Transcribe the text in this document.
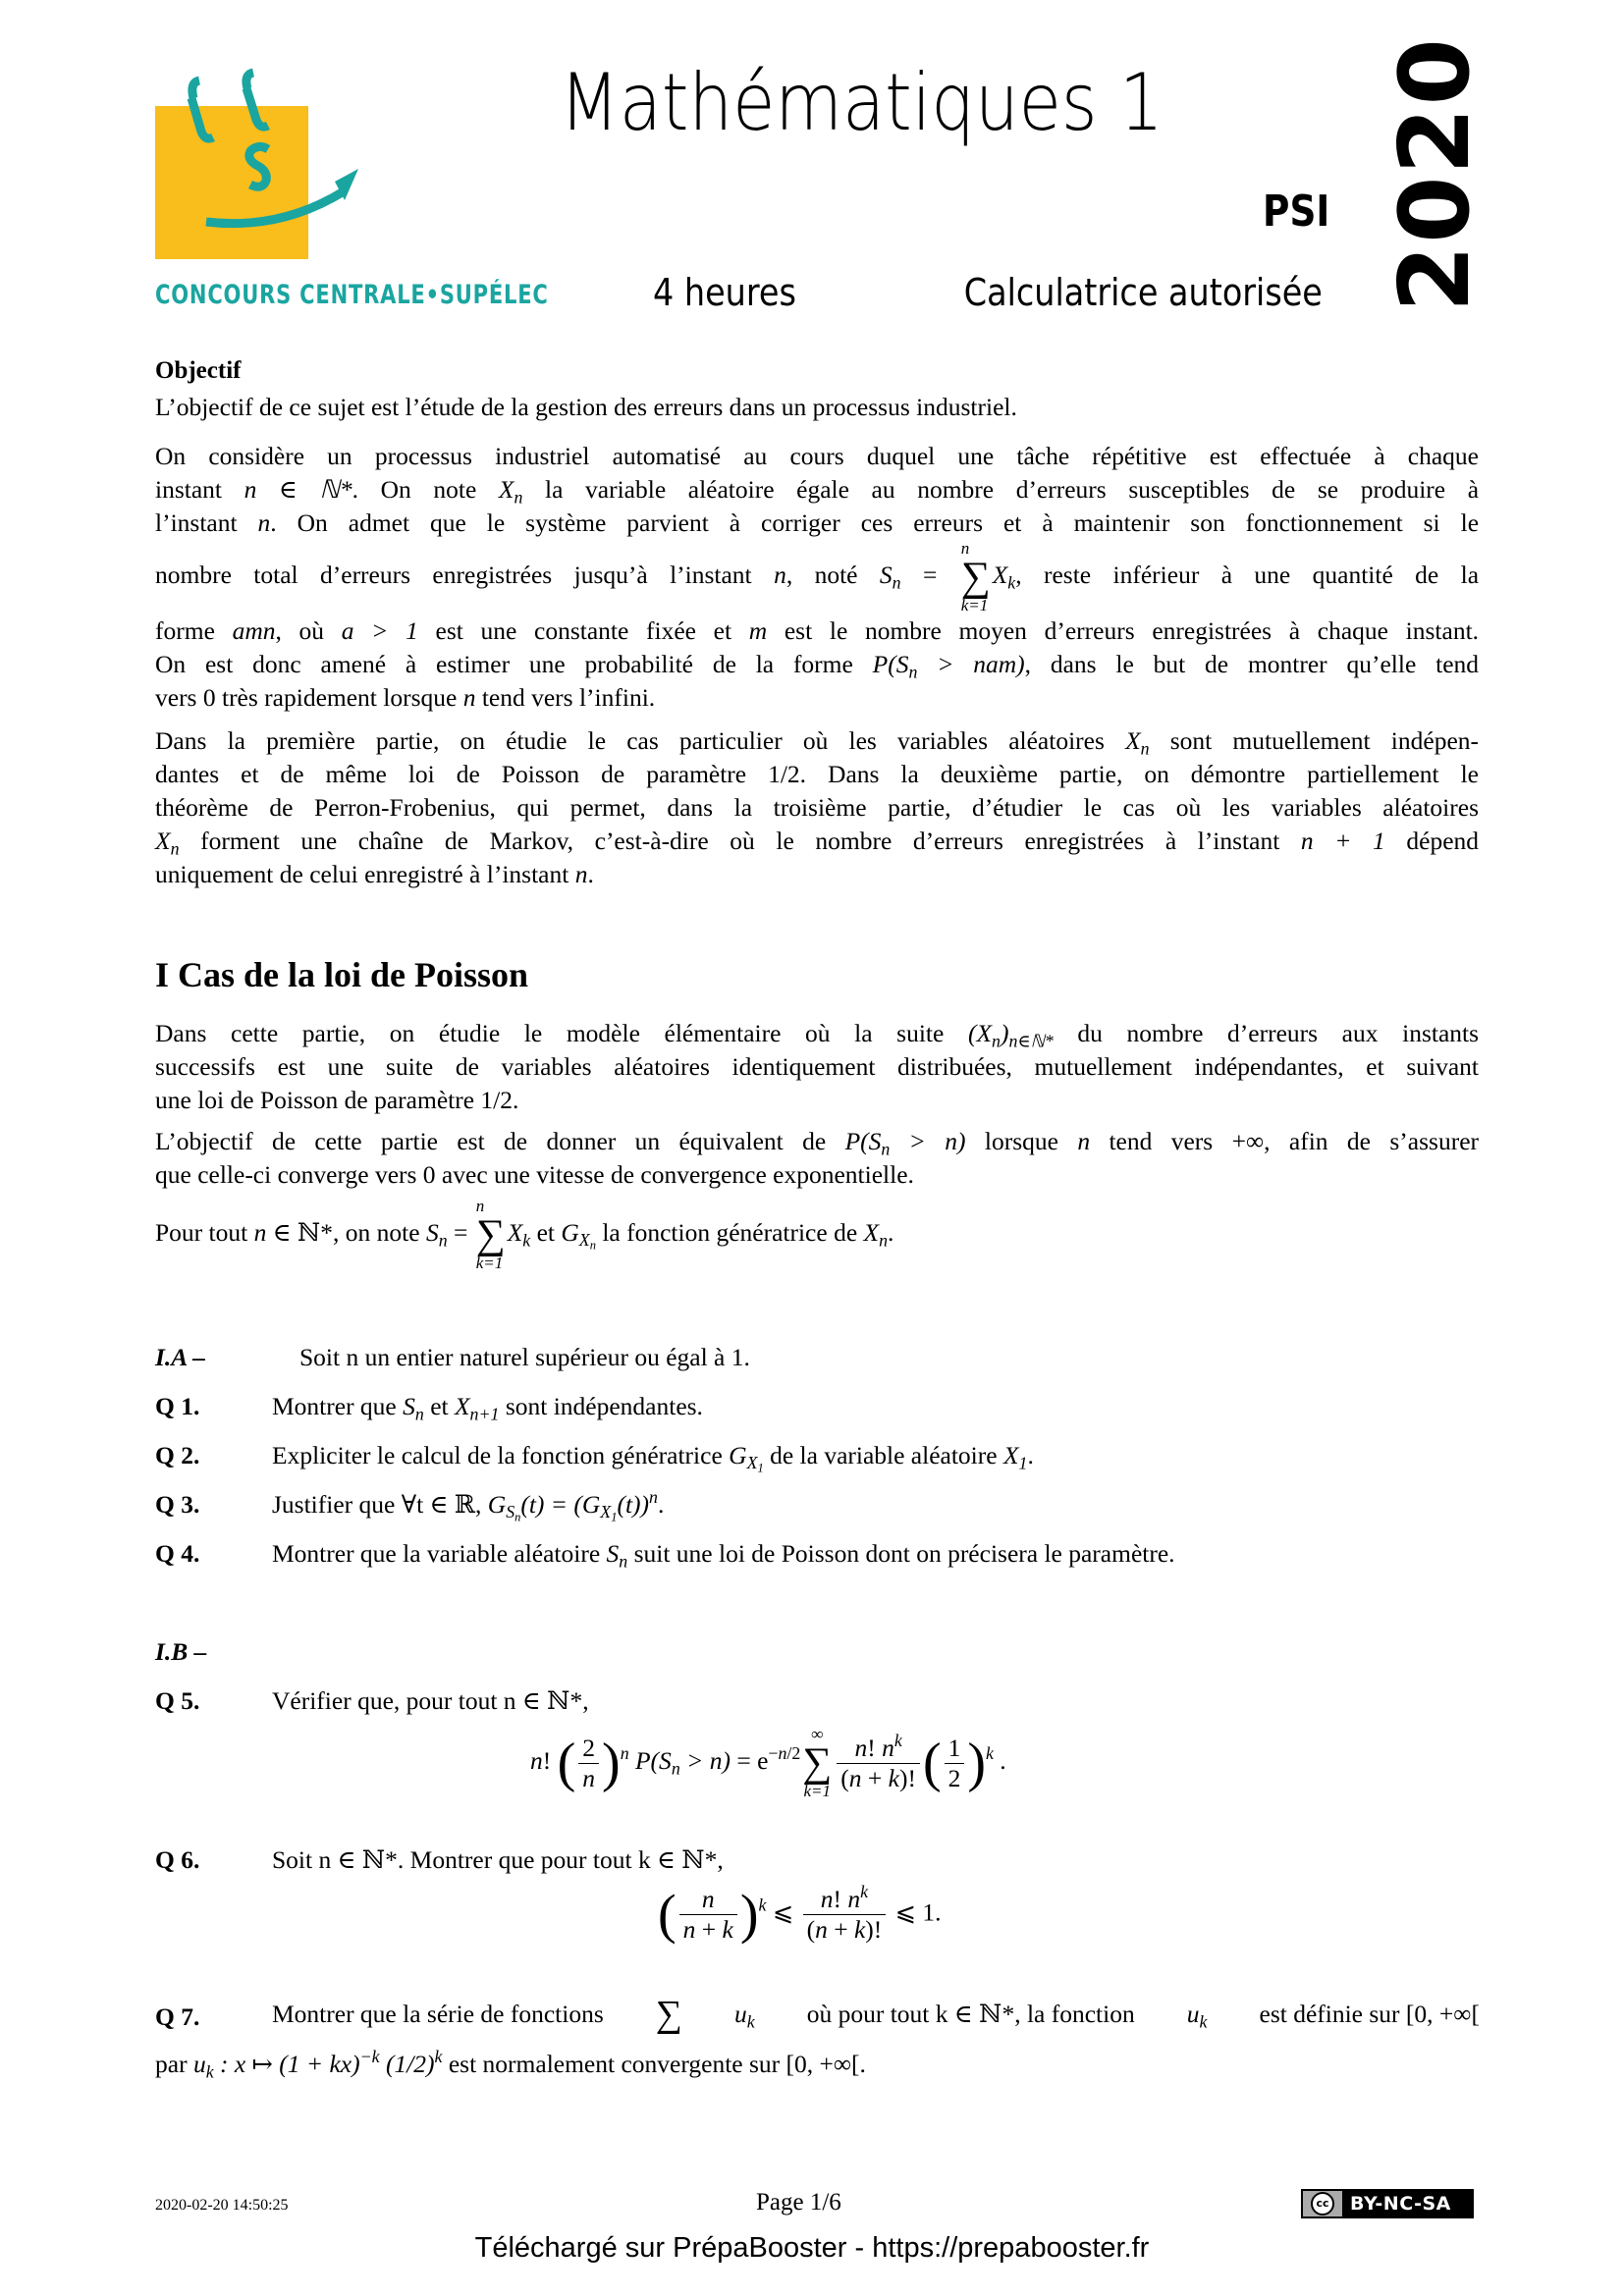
CONCOURS CENTRALE•SUPÉLEC
Mathématiques 1
PSI
4 heures	Calculatrice autorisée 2020
Objectif
L’objectif de ce sujet est l’étude de la gestion des erreurs dans un processus industriel.
On considère un processus industriel automatisé au cours duquel une tâche répétitive est effectuée à chaque
instant n ∈ ℕ*. On note $X_n$ la variable aléatoire égale au nombre d’erreurs susceptibles de se produire à
l’instant n. On admet que le système parvient à corriger ces erreurs et à maintenir son fonctionnement si le
nombre total d’erreurs enregistrées jusqu’à l’instant n, noté $S_n$ =
n
∑
k=1
$X_k$, reste inférieur à une quantité de la
forme amn, où a > 1 est une constante fixée et m est le nombre moyen d’erreurs enregistrées à chaque instant.
On est donc amené à estimer une probabilité de la forme $P(S_n > nam)$, dans le but de montrer qu’elle tend
vers 0 très rapidement lorsque n tend vers l’infini.
Dans la première partie, on étudie le cas particulier où les variables aléatoires $X_n$ sont mutuellement indépen-
dantes et de même loi de Poisson de paramètre 1/2. Dans la deuxième partie, on démontre partiellement le
théorème de Perron-Frobenius, qui permet, dans la troisième partie, d’étudier le cas où les variables aléatoires
$X_n$ forment une chaîne de Markov, c’est-à-dire où le nombre d’erreurs enregistrées à l’instant n + 1 dépend
uniquement de celui enregistré à l’instant n.
I Cas de la loi de Poisson
Dans cette partie, on étudie le modèle élémentaire où la suite $(X_n)_{n\in ℕ*}$ du nombre d’erreurs aux instants
successifs est une suite de variables aléatoires identiquement distribuées, mutuellement indépendantes, et suivant
une loi de Poisson de paramètre 1/2.
L’objectif de cette partie est de donner un équivalent de $P(S_n > n)$ lorsque n tend vers +∞, afin de s’assurer
que celle-ci converge vers 0 avec une vitesse de convergence exponentielle.
Pour tout n ∈ ℕ*, on note $S_n$ =
n
∑
k=1
$X_k$ et $G_{X_n}$ la fonction génératrice de $X_n$.
I.A –	Soit n un entier naturel supérieur ou égal à 1.
Q 1.	Montrer que $S_n$ et $X_{n+1}$ sont indépendantes.
Q 2.	Expliciter le calcul de la fonction génératrice $G_{X_1}$ de la variable aléatoire $X_1$.
Q 3.	Justifier que ∀t ∈ ℝ, $G_{S_n}(t) = (G_{X_1}(t))^n$.
Q 4.	Montrer que la variable aléatoire $S_n$ suit une loi de Poisson dont on précisera le paramètre.
I.B –
Q 5.	Vérifier que, pour tout n ∈ ℕ*,
n! ( $\frac{2}{n} )^n$ $P(S_n > n) = e^{-n/2}$
∞
∑
$k=1 \frac{n! n^k}{(n + k)!}$ ( $\frac{1}{2} )^k$ .
Q 6.	Soit n ∈ ℕ*. Montrer que pour tout k ∈ ℕ*,
( $\frac{n}{n + k} )^k$ ⩽ $\frac{n! n^k}{(n + k)!}$ ⩽ 1.
Q 7.	Montrer que la série de fonctions ∑ $u_k$ où pour tout k ∈ ℕ*, la fonction $u_k$ est définie sur [0, +∞[
par $u_k$ : x ↦ (1 + kx)$^{-k}$ $(1/2)^k$ est normalement convergente sur [0, +∞[.
2020-02-20 14:50:25	Page 1/6	cc	BY-NC-SA
Téléchargé sur PrépaBooster - https://prepabooster.fr
